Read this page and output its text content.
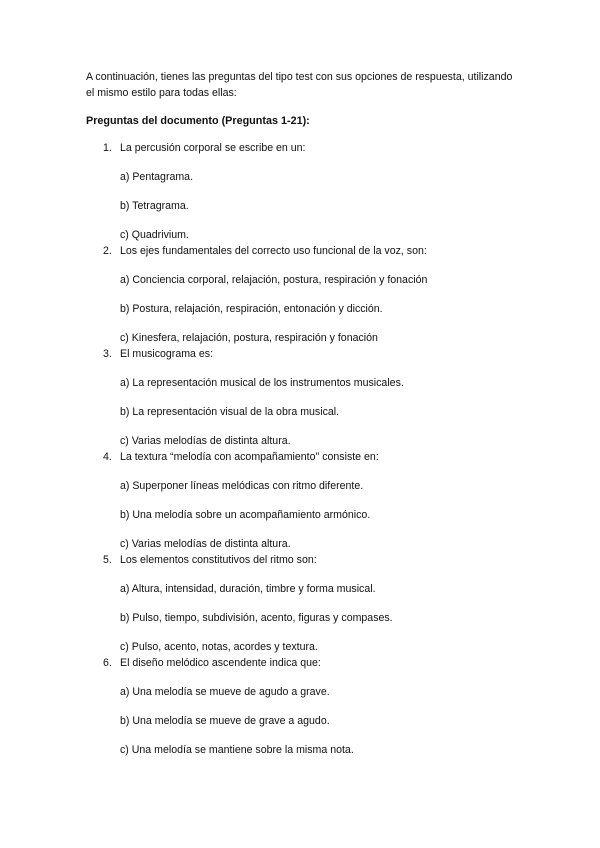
A continuación, tienes las preguntas del tipo test con sus opciones de respuesta, utilizando el mismo estilo para todas ellas:

Preguntas del documento (Preguntas 1-21):

1. La percusión corporal se escribe en un:
a) Pentagrama.
b) Tetragrama.
c) Quadrivium.
2. Los ejes fundamentales del correcto uso funcional de la voz, son:
a) Conciencia corporal, relajación, postura, respiración y fonación
b) Postura, relajación, respiración, entonación y dicción.
c) Kinesfera, relajación, postura, respiración y fonación
3. El musicograma es:
a) La representación musical de los instrumentos musicales.
b) La representación visual de la obra musical.
c) Varias melodías de distinta altura.
4. La textura “melodía con acompañamiento" consiste en:
a) Superponer líneas melódicas con ritmo diferente.
b) Una melodía sobre un acompañamiento armónico.
c) Varias melodías de distinta altura.
5. Los elementos constitutivos del ritmo son:
a) Altura, intensidad, duración, timbre y forma musical.
b) Pulso, tiempo, subdivisión, acento, figuras y compases.
c) Pulso, acento, notas, acordes y textura.
6. El diseño melódico ascendente indica que:
a) Una melodía se mueve de agudo a grave.
b) Una melodía se mueve de grave a agudo.
c) Una melodía se mantiene sobre la misma nota.
